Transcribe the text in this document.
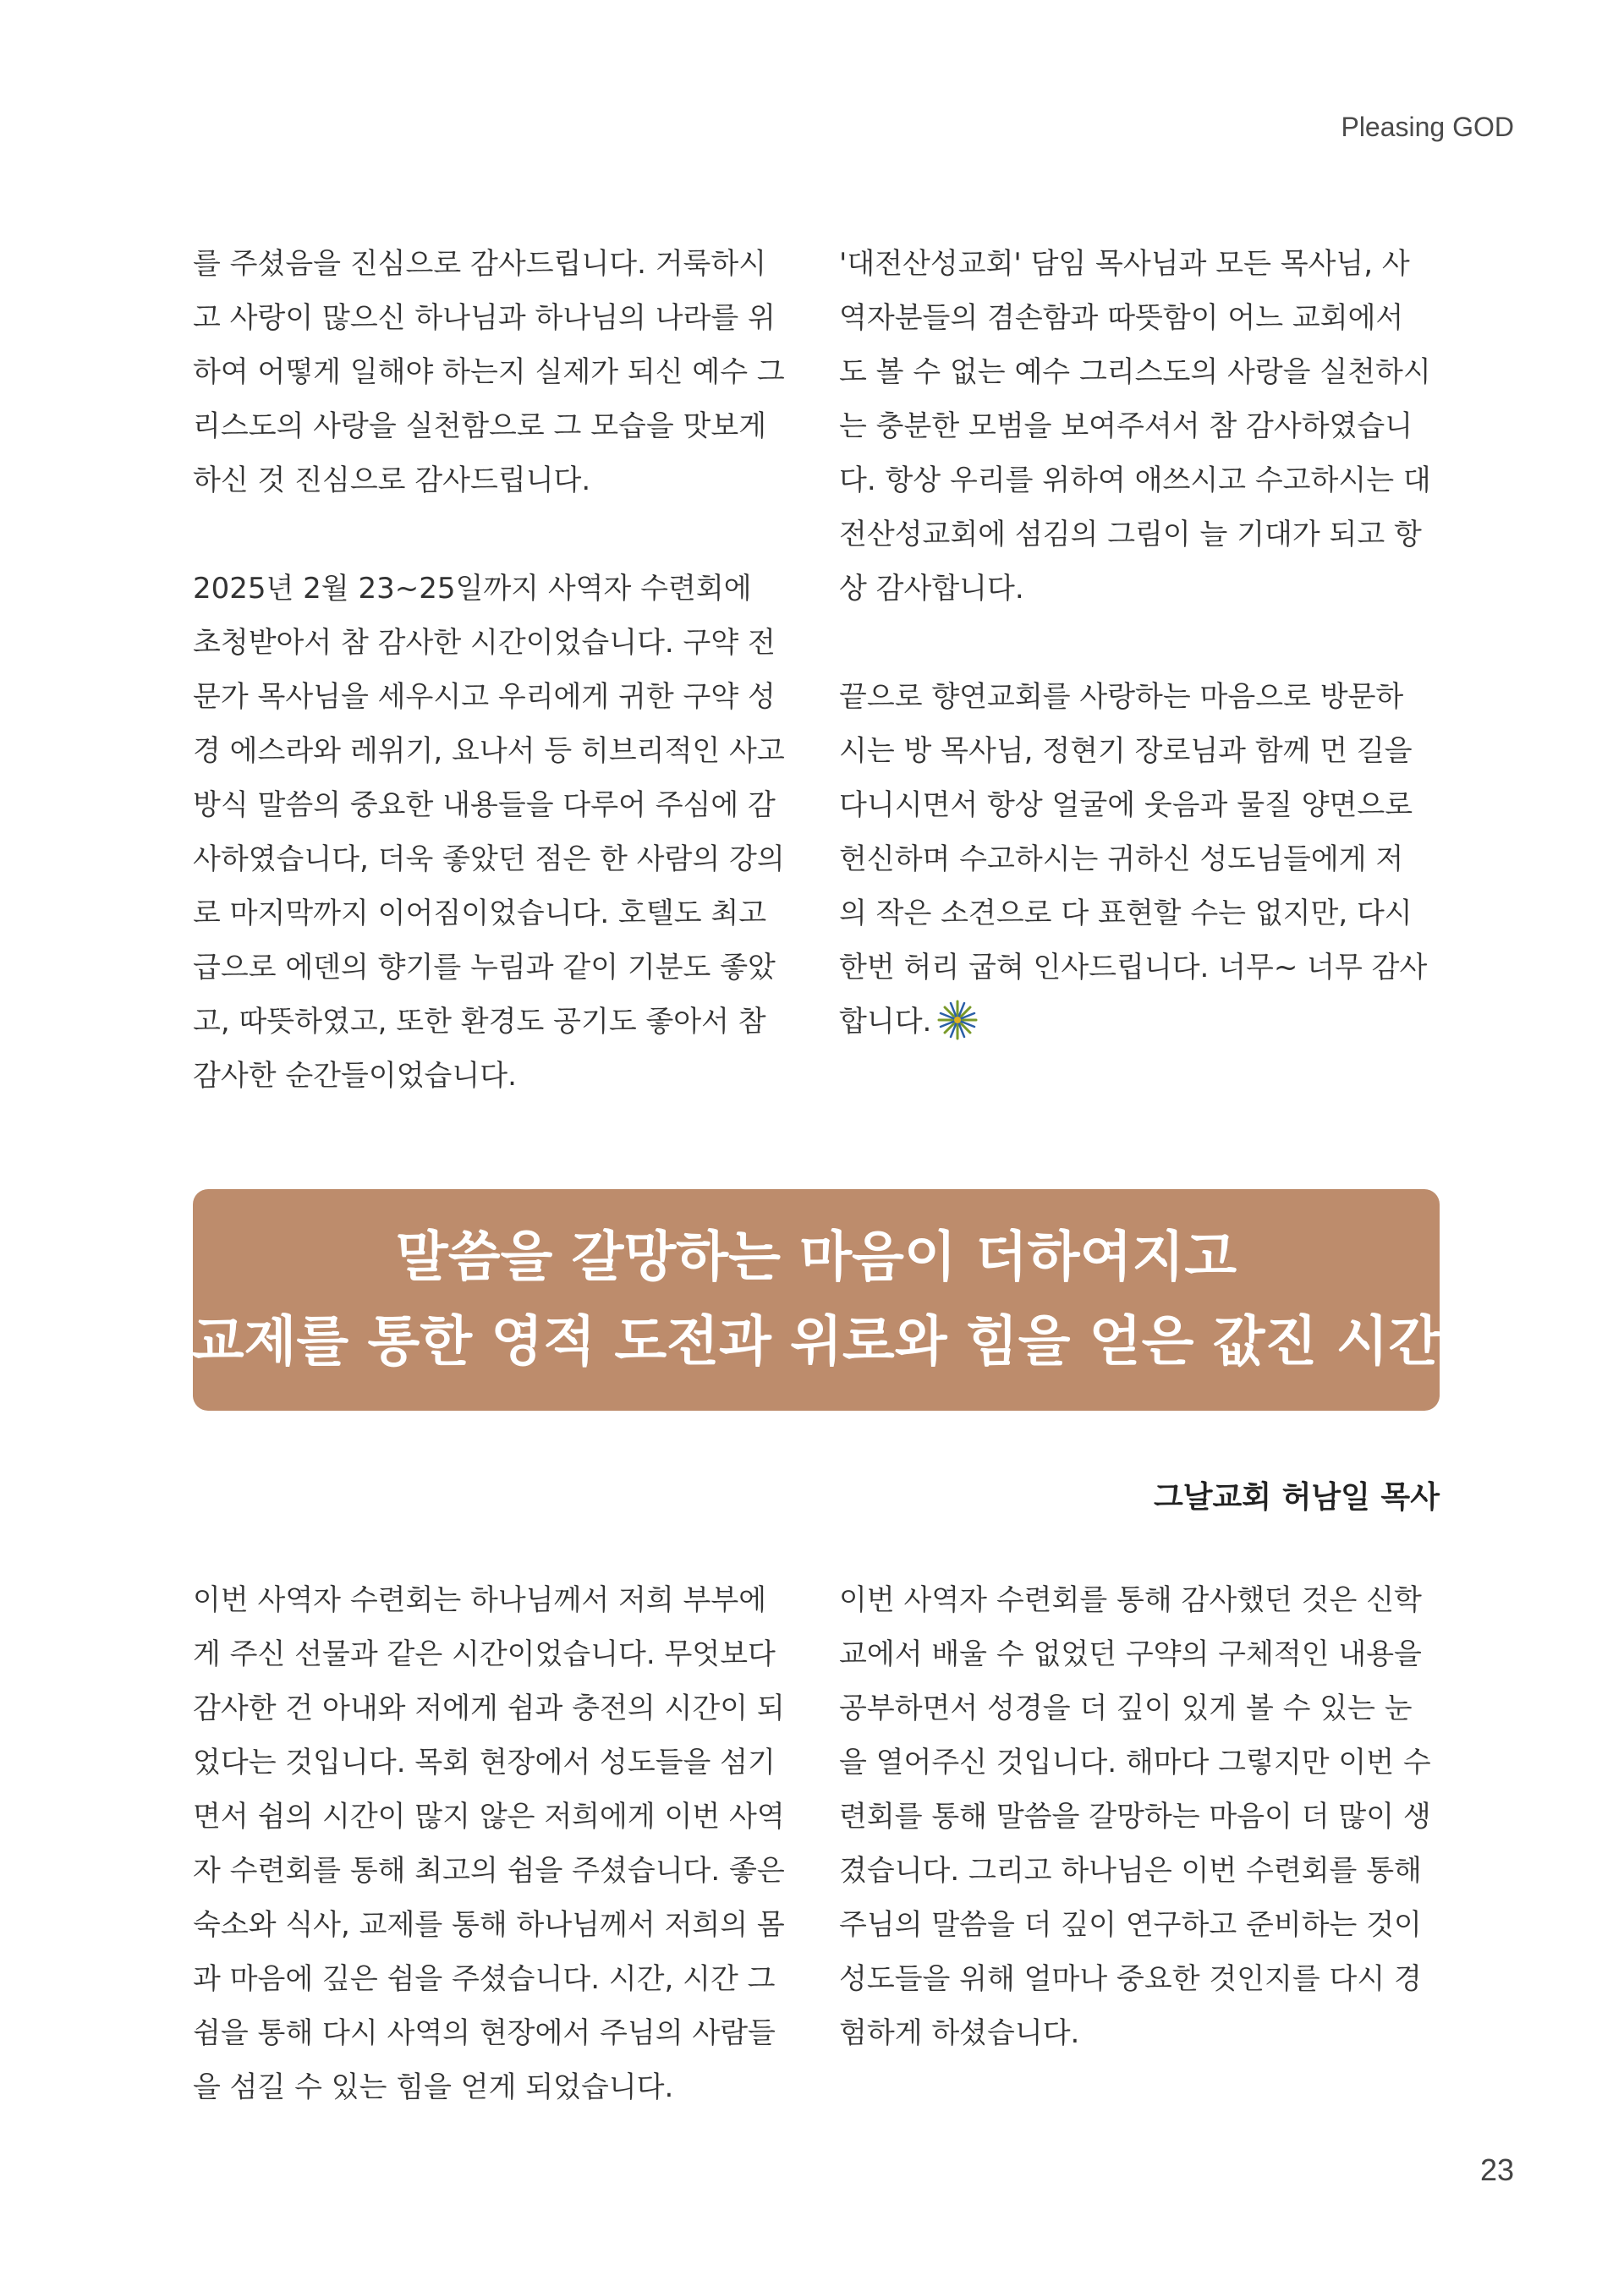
Pleasing GOD

를 주셨음을 진심으로 감사드립니다. 거룩하시고 사랑이 많으신 하나님과 하나님의 나라를 위하여 어떻게 일해야 하는지 실제가 되신 예수 그리스도의 사랑을 실천함으로 그 모습을 맛보게 하신 것 진심으로 감사드립니다.

2025년 2월 23~25일까지 사역자 수련회에 초청받아서 참 감사한 시간이었습니다. 구약 전문가 목사님을 세우시고 우리에게 귀한 구약 성경 에스라와 레위기, 요나서 등 히브리적인 사고방식 말씀의 중요한 내용들을 다루어 주심에 감사하였습니다, 더욱 좋았던 점은 한 사람의 강의로 마지막까지 이어짐이었습니다. 호텔도 최고급으로 에덴의 향기를 누림과 같이 기분도 좋았고, 따뜻하였고, 또한 환경도 공기도 좋아서 참 감사한 순간들이었습니다.

'대전산성교회' 담임 목사님과 모든 목사님, 사역자분들의 겸손함과 따뜻함이 어느 교회에서도 볼 수 없는 예수 그리스도의 사랑을 실천하시는 충분한 모범을 보여주셔서 참 감사하였습니다. 항상 우리를 위하여 애쓰시고 수고하시는 대전산성교회에 섬김의 그림이 늘 기대가 되고 항상 감사합니다.

끝으로 향연교회를 사랑하는 마음으로 방문하시는 방 목사님, 정현기 장로님과 함께 먼 길을 다니시면서 항상 얼굴에 웃음과 물질 양면으로 헌신하며 수고하시는 귀하신 성도님들에게 저의 작은 소견으로 다 표현할 수는 없지만, 다시 한번 허리 굽혀 인사드립니다. 너무~ 너무 감사합니다.

말씀을 갈망하는 마음이 더하여지고
교제를 통한 영적 도전과 위로와 힘을 얻은 값진 시간
그날교회 허남일 목사

이번 사역자 수련회는 하나님께서 저희 부부에게 주신 선물과 같은 시간이었습니다. 무엇보다 감사한 건 아내와 저에게 쉼과 충전의 시간이 되었다는 것입니다. 목회 현장에서 성도들을 섬기면서 쉼의 시간이 많지 않은 저희에게 이번 사역자 수련회를 통해 최고의 쉼을 주셨습니다. 좋은 숙소와 식사, 교제를 통해 하나님께서 저희의 몸과 마음에 깊은 쉼을 주셨습니다. 시간, 시간 그 쉼을 통해 다시 사역의 현장에서 주님의 사람들을 섬길 수 있는 힘을 얻게 되었습니다.

이번 사역자 수련회를 통해 감사했던 것은 신학교에서 배울 수 없었던 구약의 구체적인 내용을 공부하면서 성경을 더 깊이 있게 볼 수 있는 눈을 열어주신 것입니다. 해마다 그렇지만 이번 수련회를 통해 말씀을 갈망하는 마음이 더 많이 생겼습니다. 그리고 하나님은 이번 수련회를 통해 주님의 말씀을 더 깊이 연구하고 준비하는 것이 성도들을 위해 얼마나 중요한 것인지를 다시 경험하게 하셨습니다.

23
